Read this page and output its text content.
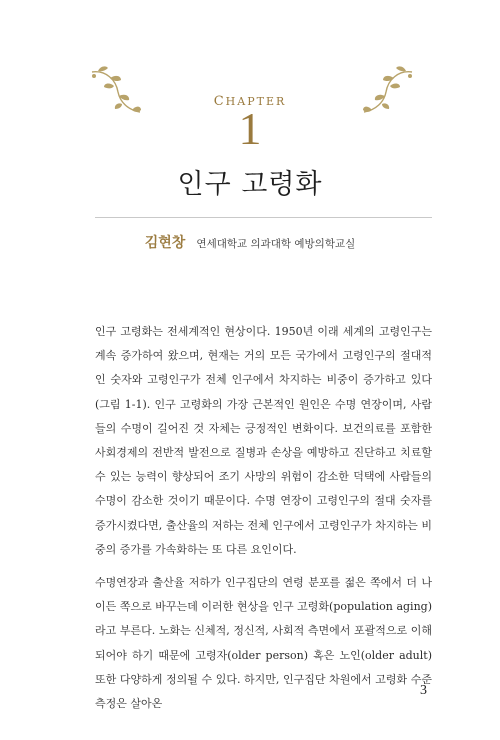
CHAPTER
1
인구 고령화
김현창 연세대학교 의과대학 예방의학교실

인구 고령화는 전세계적인 현상이다. 1950년 이래 세계의 고령인구는 계속 증가하여 왔으며, 현재는 거의 모든 국가에서 고령인구의 절대적인 숫자와 고령인구가 전체 인구에서 차지하는 비중이 증가하고 있다(그림 1-1). 인구 고령화의 가장 근본적인 원인은 수명 연장이며, 사람들의 수명이 길어진 것 자체는 긍정적인 변화이다. 보건의료를 포함한 사회경제의 전반적 발전으로 질병과 손상을 예방하고 진단하고 치료할 수 있는 능력이 향상되어 조기 사망의 위험이 감소한 덕택에 사람들의 수명이 감소한 것이기 때문이다. 수명 연장이 고령인구의 절대 숫자를 증가시켰다면, 출산율의 저하는 전체 인구에서 고령인구가 차지하는 비중의 증가를 가속화하는 또 다른 요인이다.

수명연장과 출산율 저하가 인구집단의 연령 분포를 젊은 쪽에서 더 나이든 쪽으로 바꾸는데 이러한 현상을 인구 고령화(population aging)라고 부른다. 노화는 신체적, 정신적, 사회적 측면에서 포괄적으로 이해되어야 하기 때문에 고령자(older person) 혹은 노인(older adult) 또한 다양하게 정의될 수 있다. 하지만, 인구집단 차원에서 고령화 수준 측정은 살아온

3
